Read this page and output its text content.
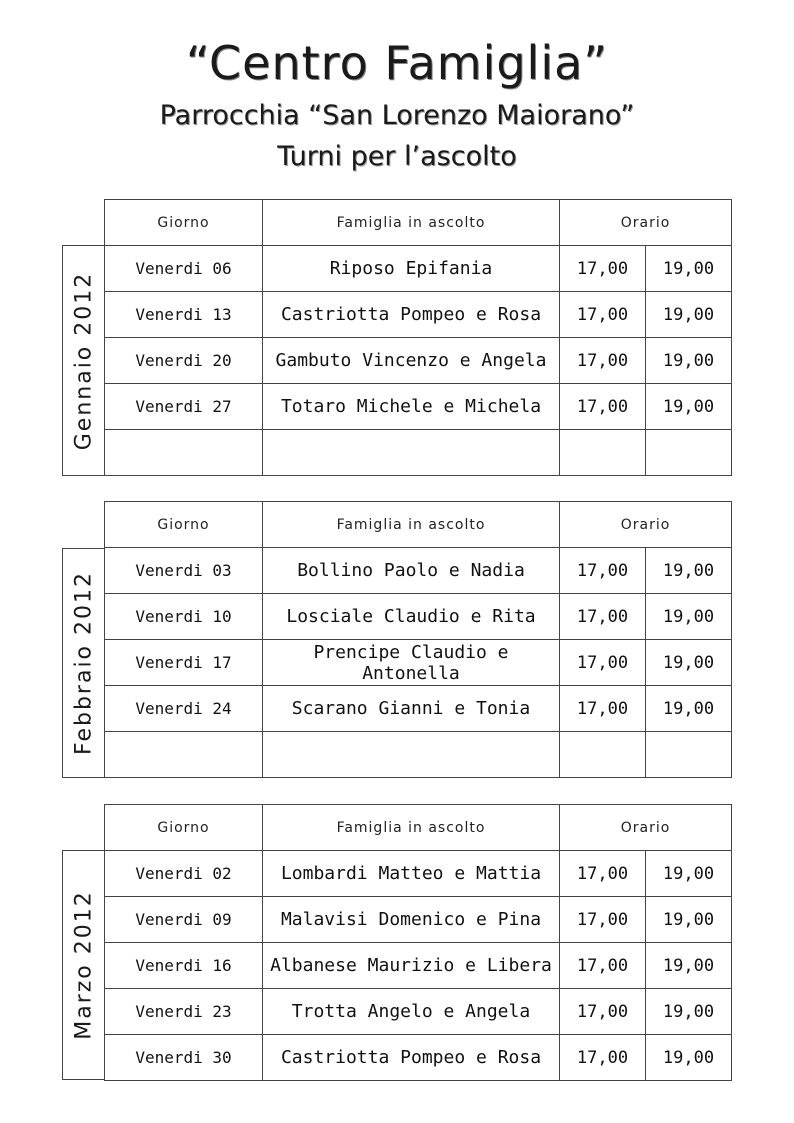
“Centro Famiglia”
Parrocchia “San Lorenzo Maiorano”
Turni per l’ascolto
Gennaio 2012
Giorno	Famiglia in ascolto	Orario	
Venerdi 06	Riposo Epifania	17,00	19,00
Venerdi 13	Castriotta Pompeo e Rosa	17,00	19,00
Venerdi 20	Gambuto Vincenzo e Angela	17,00	19,00
Venerdi 27	Totaro Michele e Michela	17,00	19,00

Febbraio 2012
Giorno	Famiglia in ascolto	Orario	
Venerdi 03	Bollino Paolo e Nadia	17,00	19,00
Venerdi 10	Losciale Claudio e Rita	17,00	19,00
Venerdi 17	Prencipe Claudio e Antonella	17,00	19,00
Venerdi 24	Scarano Gianni e Tonia	17,00	19,00

Marzo 2012
Giorno	Famiglia in ascolto	Orario	
Venerdi 02	Lombardi Matteo e Mattia	17,00	19,00
Venerdi 09	Malavisi Domenico e Pina	17,00	19,00
Venerdi 16	Albanese Maurizio e Libera	17,00	19,00
Venerdi 23	Trotta Angelo e Angela	17,00	19,00
Venerdi 30	Castriotta Pompeo e Rosa	17,00	19,00
